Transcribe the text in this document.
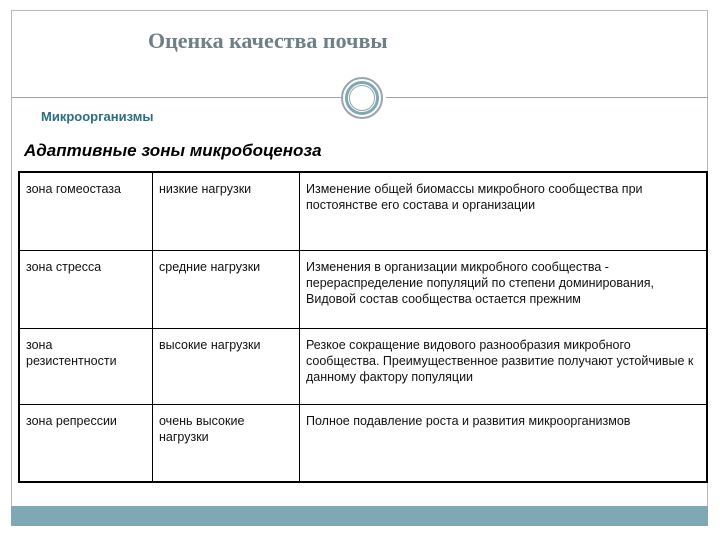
Оценка качества почвы
Микроорганизмы
Адаптивные зоны микробоценоза
зона гомеостаза	низкие нагрузки	Изменение общей биомассы микробного сообщества при постоянстве его состава и организации
зона стресса	средние нагрузки	Изменения в организации микробного сообщества - перераспределение популяций по степени доминирования, Видовой состав сообщества остается прежним
зона резистентности	высокие нагрузки	Резкое сокращение видового разнообразия микробного сообщества. Преимущественное развитие получают устойчивые к данному фактору популяции
зона репрессии	очень высокие нагрузки	Полное подавление роста и развития микроорганизмов
